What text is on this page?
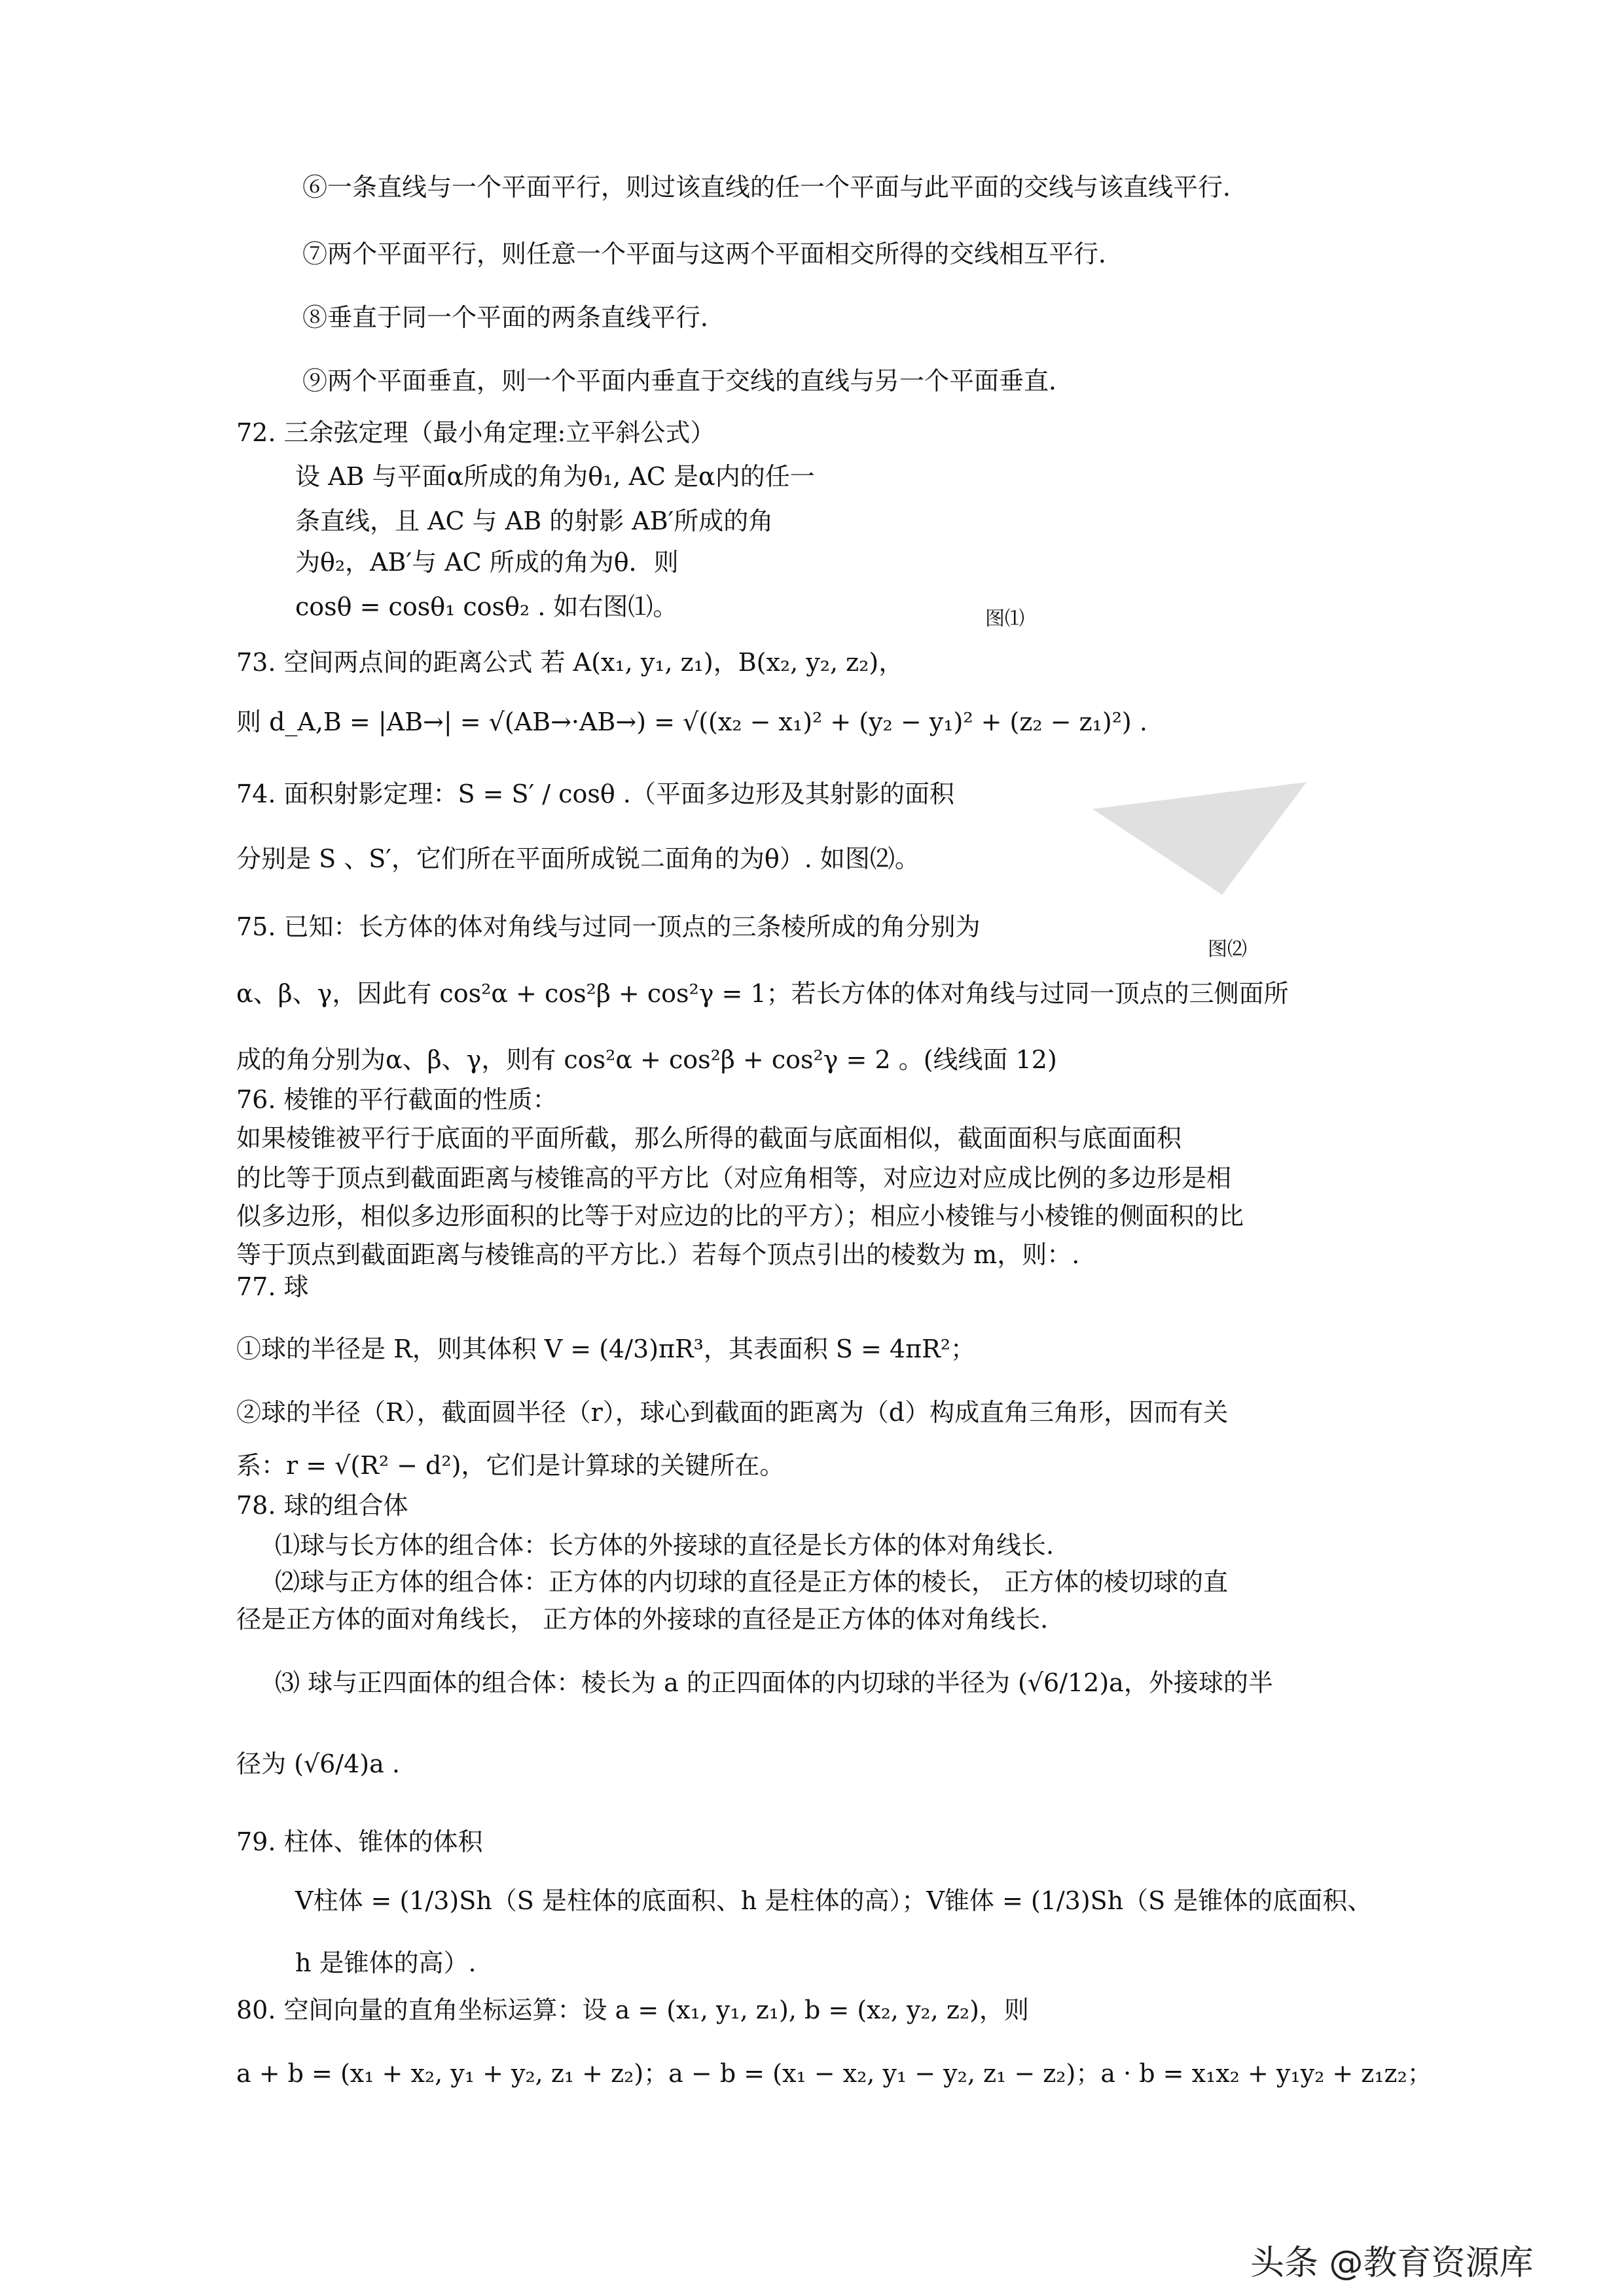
⑥一条直线与一个平面平行，则过该直线的任一个平面与此平面的交线与该直线平行．
⑦两个平面平行，则任意一个平面与这两个平面相交所得的交线相互平行．
⑧垂直于同一个平面的两条直线平行．
⑨两个平面垂直，则一个平面内垂直于交线的直线与另一个平面垂直．
72. 三余弦定理（最小角定理:立平斜公式）
设 AB 与平面α所成的角为θ₁, AC 是α内的任一
条直线，且 AC 与 AB 的射影 AB′所成的角
为θ₂，AB′与 AC 所成的角为θ．则
cosθ = cosθ₁ cosθ₂ . 如右图⑴。
73. 空间两点间的距离公式 若 A(x₁, y₁, z₁)，B(x₂, y₂, z₂)，
则 d_A,B = |AB→| = √(AB→·AB→) = √((x₂ − x₁)² + (y₂ − y₁)² + (z₂ − z₁)²) .
74. 面积射影定理：S = S′ / cosθ .（平面多边形及其射影的面积
分别是 S 、S′，它们所在平面所成锐二面角的为θ）. 如图⑵。
75. 已知：长方体的体对角线与过同一顶点的三条棱所成的角分别为
α、β、γ，因此有 cos²α + cos²β + cos²γ = 1；若长方体的体对角线与过同一顶点的三侧面所
成的角分别为α、β、γ，则有 cos²α + cos²β + cos²γ = 2 。(线线面 12)
76. 棱锥的平行截面的性质：
如果棱锥被平行于底面的平面所截，那么所得的截面与底面相似，截面面积与底面面积
的比等于顶点到截面距离与棱锥高的平方比（对应角相等，对应边对应成比例的多边形是相
似多边形，相似多边形面积的比等于对应边的比的平方）；相应小棱锥与小棱锥的侧面积的比
等于顶点到截面距离与棱锥高的平方比.）若每个顶点引出的棱数为 m，则：.
77. 球
①球的半径是 R，则其体积 V = (4/3)πR³，其表面积 S = 4πR²；
②球的半径（R），截面圆半径（r），球心到截面的距离为（d）构成直角三角形，因而有关
系：r = √(R² − d²)，它们是计算球的关键所在。
78. 球的组合体
⑴球与长方体的组合体：长方体的外接球的直径是长方体的体对角线长.
⑵球与正方体的组合体：正方体的内切球的直径是正方体的棱长， 正方体的棱切球的直
径是正方体的面对角线长， 正方体的外接球的直径是正方体的体对角线长.
⑶ 球与正四面体的组合体：棱长为 a 的正四面体的内切球的半径为 (√6/12)a，外接球的半
径为 (√6/4)a .
79. 柱体、锥体的体积
V柱体 = (1/3)Sh（S 是柱体的底面积、h 是柱体的高）；V锥体 = (1/3)Sh（S 是锥体的底面积、
h 是锥体的高）.
80. 空间向量的直角坐标运算：设 a = (x₁, y₁, z₁), b = (x₂, y₂, z₂)，则
a + b = (x₁ + x₂, y₁ + y₂, z₁ + z₂)；a − b = (x₁ − x₂, y₁ − y₂, z₁ − z₂)；a · b = x₁x₂ + y₁y₂ + z₁z₂；
图⑴
图⑵
头条 @教育资源库
